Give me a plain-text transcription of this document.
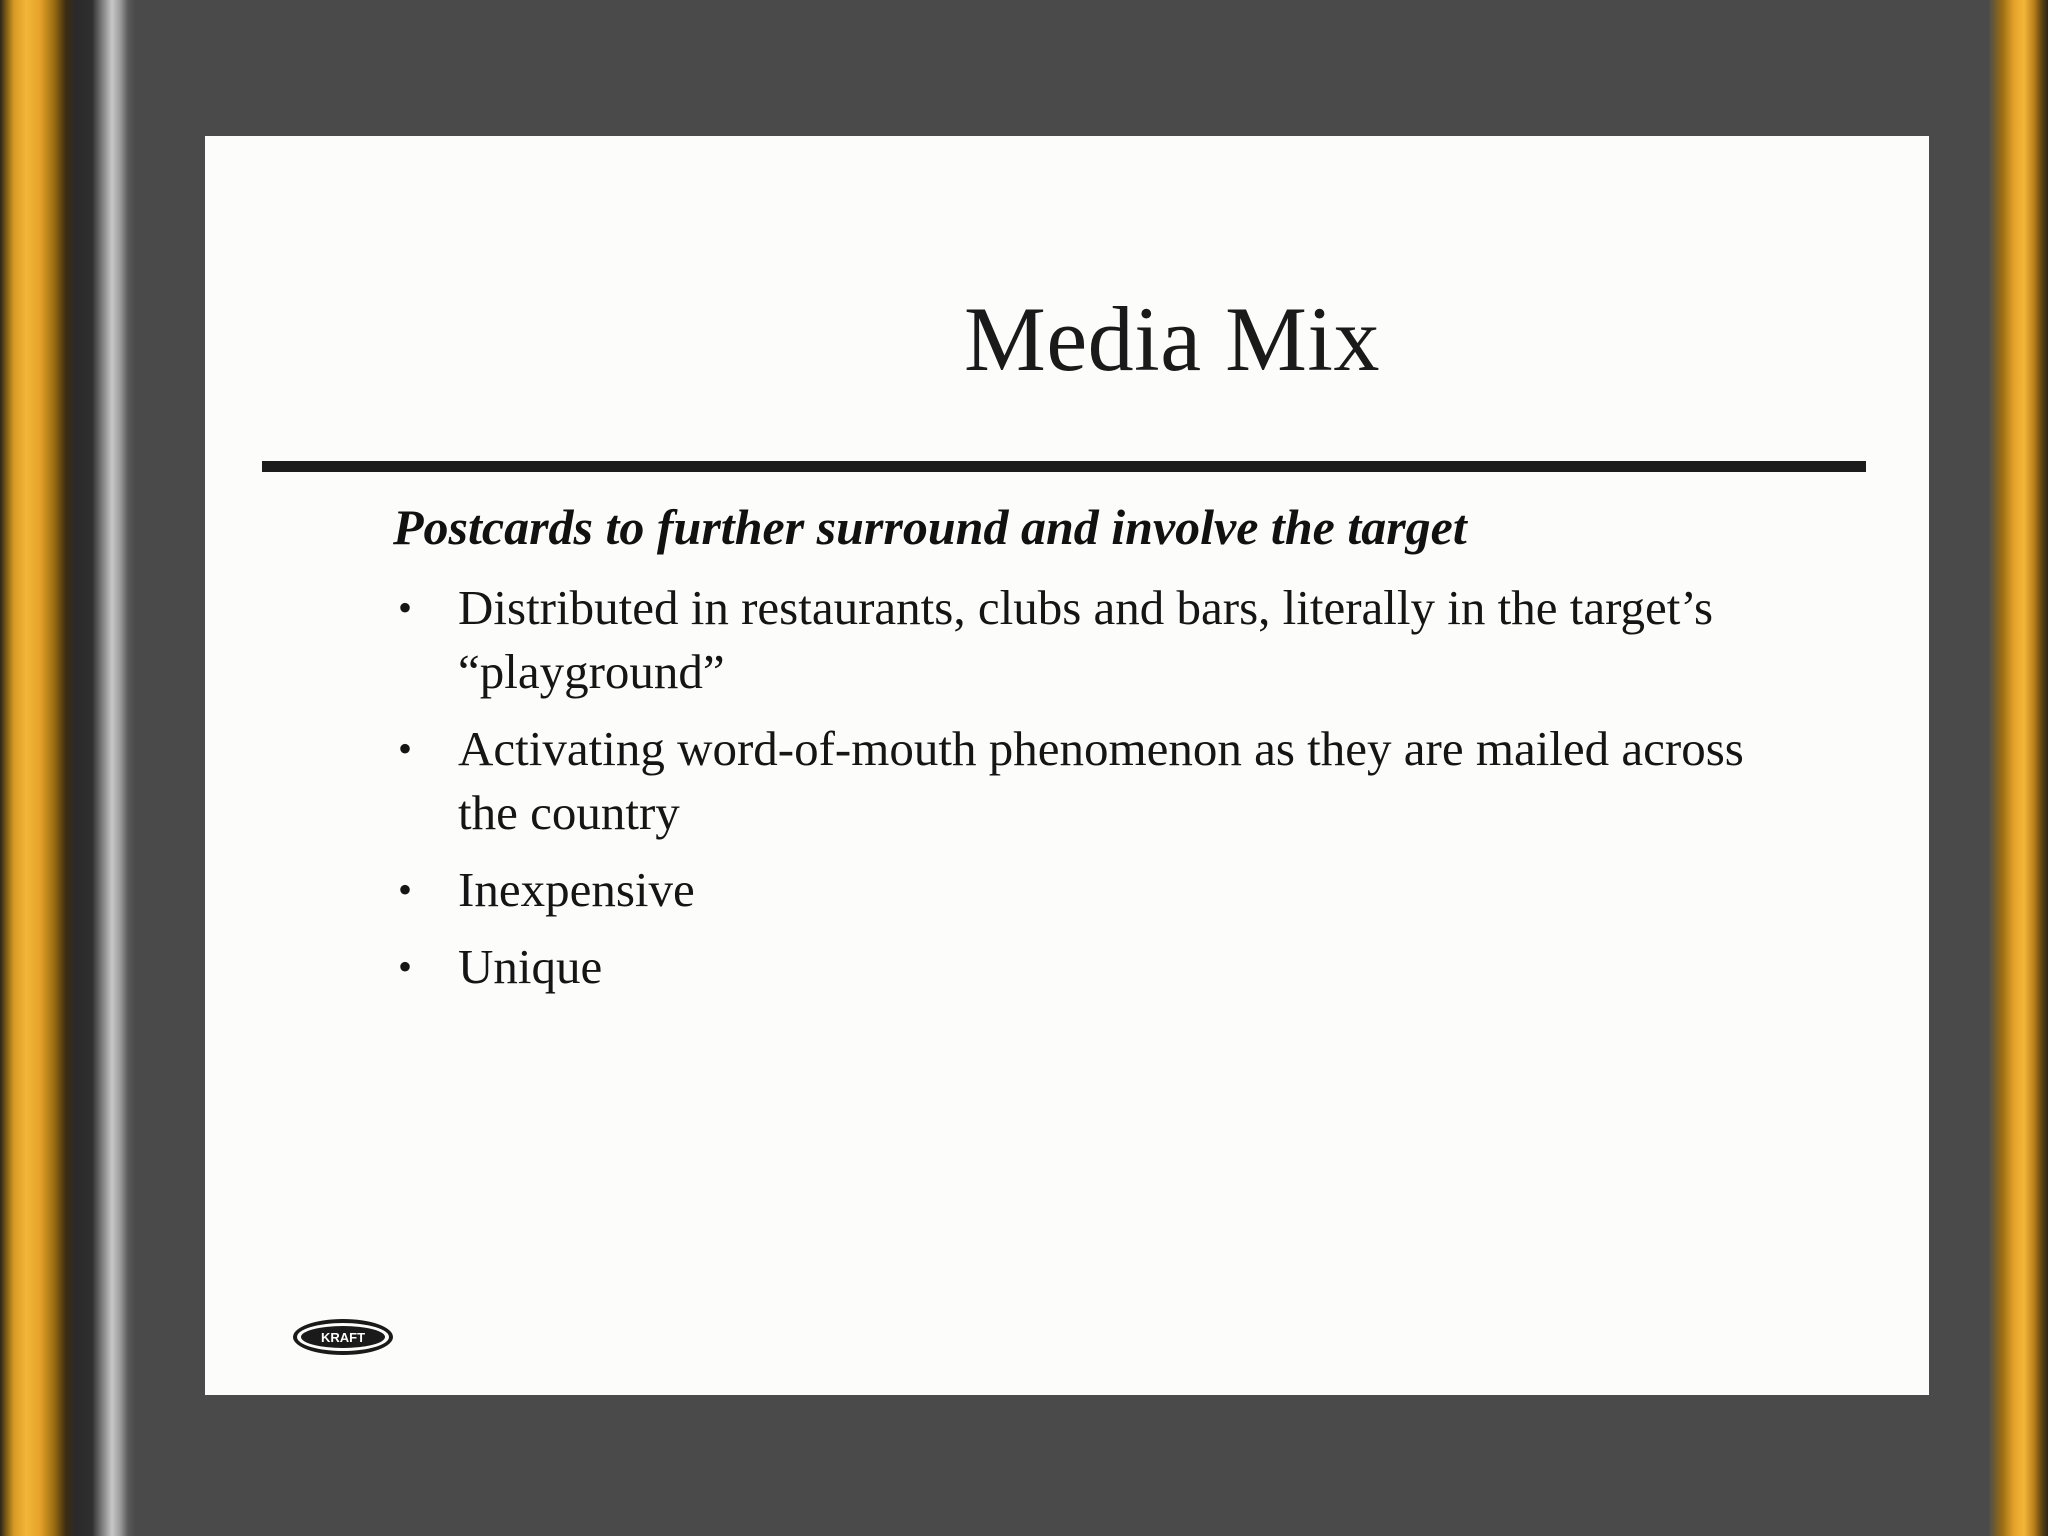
Media Mix
Postcards to further surround and involve the target
• Distributed in restaurants, clubs and bars, literally in the target’s “playground”
• Activating word-of-mouth phenomenon as they are mailed across the country
• Inexpensive
• Unique
KRAFT
